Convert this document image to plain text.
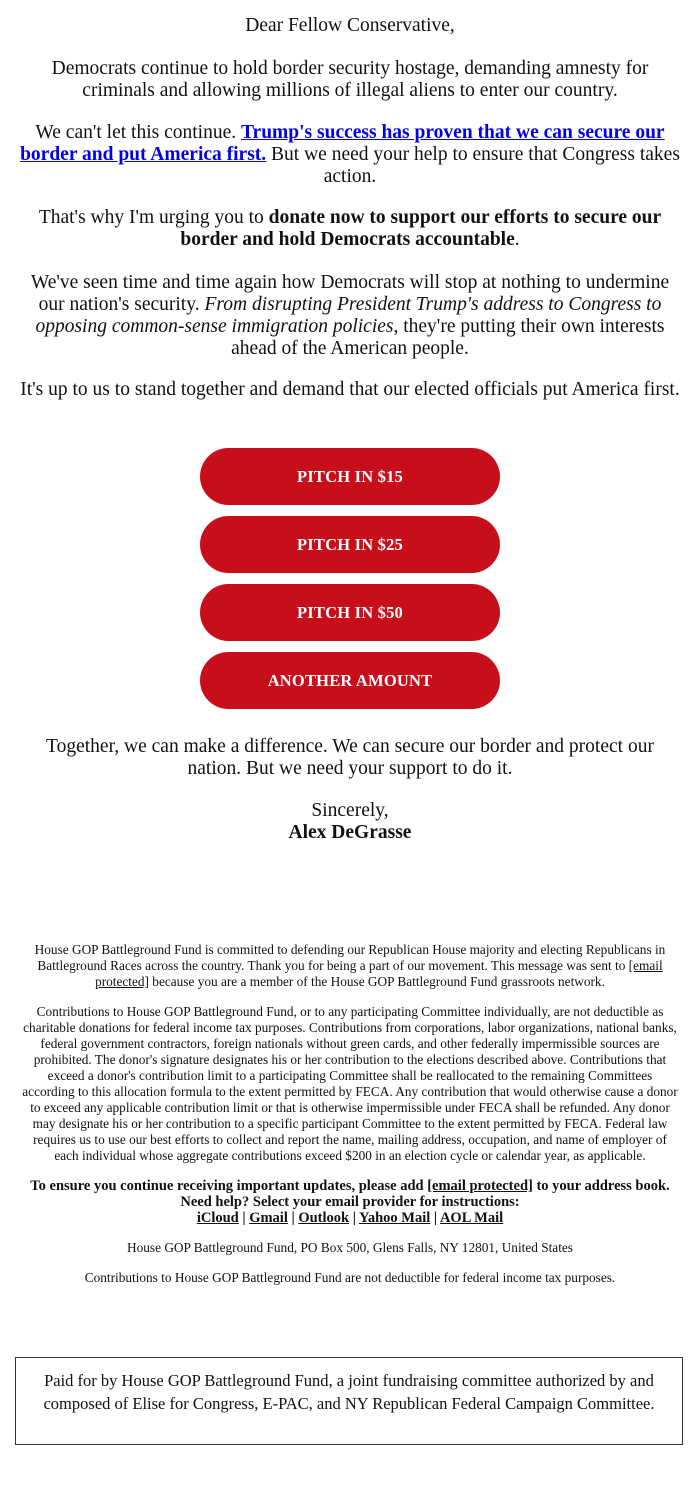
Dear Fellow Conservative,

Democrats continue to hold border security hostage, demanding amnesty for criminals and allowing millions of illegal aliens to enter our country.

We can't let this continue. Trump's success has proven that we can secure our border and put America first. But we need your help to ensure that Congress takes action.

That's why I'm urging you to donate now to support our efforts to secure our border and hold Democrats accountable.

We've seen time and time again how Democrats will stop at nothing to undermine our nation's security. From disrupting President Trump's address to Congress to opposing common-sense immigration policies, they're putting their own interests ahead of the American people.

It's up to us to stand together and demand that our elected officials put America first.

PITCH IN $15
PITCH IN $25
PITCH IN $50
ANOTHER AMOUNT

Together, we can make a difference. We can secure our border and protect our nation. But we need your support to do it.

Sincerely,

Alex DeGrasse

House GOP Battleground Fund is committed to defending our Republican House majority and electing Republicans in Battleground Races across the country. Thank you for being a part of our movement. This message was sent to [email protected] because you are a member of the House GOP Battleground Fund grassroots network.

Contributions to House GOP Battleground Fund, or to any participating Committee individually, are not deductible as charitable donations for federal income tax purposes. Contributions from corporations, labor organizations, national banks, federal government contractors, foreign nationals without green cards, and other federally impermissible sources are prohibited. The donor's signature designates his or her contribution to the elections described above. Contributions that exceed a donor's contribution limit to a participating Committee shall be reallocated to the remaining Committees according to this allocation formula to the extent permitted by FECA. Any contribution that would otherwise cause a donor to exceed any applicable contribution limit or that is otherwise impermissible under FECA shall be refunded. Any donor may designate his or her contribution to a specific participant Committee to the extent permitted by FECA. Federal law requires us to use our best efforts to collect and report the name, mailing address, occupation, and name of employer of each individual whose aggregate contributions exceed $200 in an election cycle or calendar year, as applicable.

To ensure you continue receiving important updates, please add [email protected] to your address book. Need help? Select your email provider for instructions:
iCloud | Gmail | Outlook | Yahoo Mail | AOL Mail

House GOP Battleground Fund, PO Box 500, Glens Falls, NY 12801, United States

Contributions to House GOP Battleground Fund are not deductible for federal income tax purposes.

Paid for by House GOP Battleground Fund, a joint fundraising committee authorized by and composed of Elise for Congress, E-PAC, and NY Republican Federal Campaign Committee.
